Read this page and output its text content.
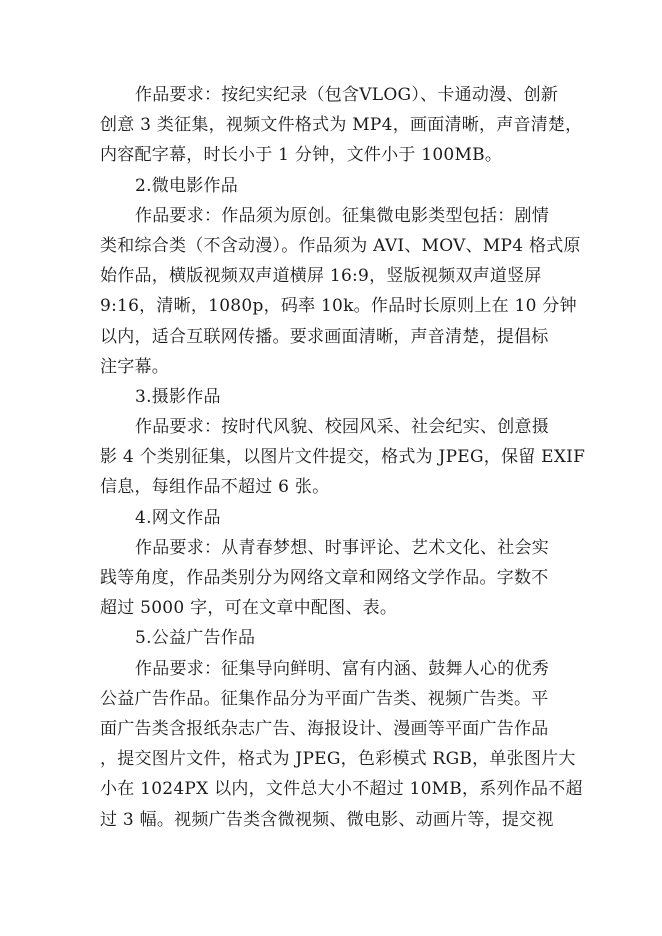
作品要求：按纪实纪录（包含VLOG）、卡通动漫、创新
创意 3 类征集，视频文件格式为 MP4，画面清晰，声音清楚，
内容配字幕，时长小于 1 分钟，文件小于 100MB。
2.微电影作品
作品要求：作品须为原创。征集微电影类型包括：剧情
类和综合类（不含动漫）。作品须为 AVI、MOV、MP4 格式原
始作品，横版视频双声道横屏 16:9，竖版视频双声道竖屏
9:16，清晰，1080p，码率 10k。作品时长原则上在 10 分钟
以内，适合互联网传播。要求画面清晰，声音清楚，提倡标
注字幕。
3.摄影作品
作品要求：按时代风貌、校园风采、社会纪实、创意摄
影 4 个类别征集，以图片文件提交，格式为 JPEG，保留 EXIF
信息，每组作品不超过 6 张。
4.网文作品
作品要求：从青春梦想、时事评论、艺术文化、社会实
践等角度，作品类别分为网络文章和网络文学作品。字数不
超过 5000 字，可在文章中配图、表。
5.公益广告作品
作品要求：征集导向鲜明、富有内涵、鼓舞人心的优秀
公益广告作品。征集作品分为平面广告类、视频广告类。平
面广告类含报纸杂志广告、海报设计、漫画等平面广告作品
，提交图片文件，格式为 JPEG，色彩模式 RGB，单张图片大
小在 1024PX 以内，文件总大小不超过 10MB，系列作品不超
过 3 幅。视频广告类含微视频、微电影、动画片等，提交视
